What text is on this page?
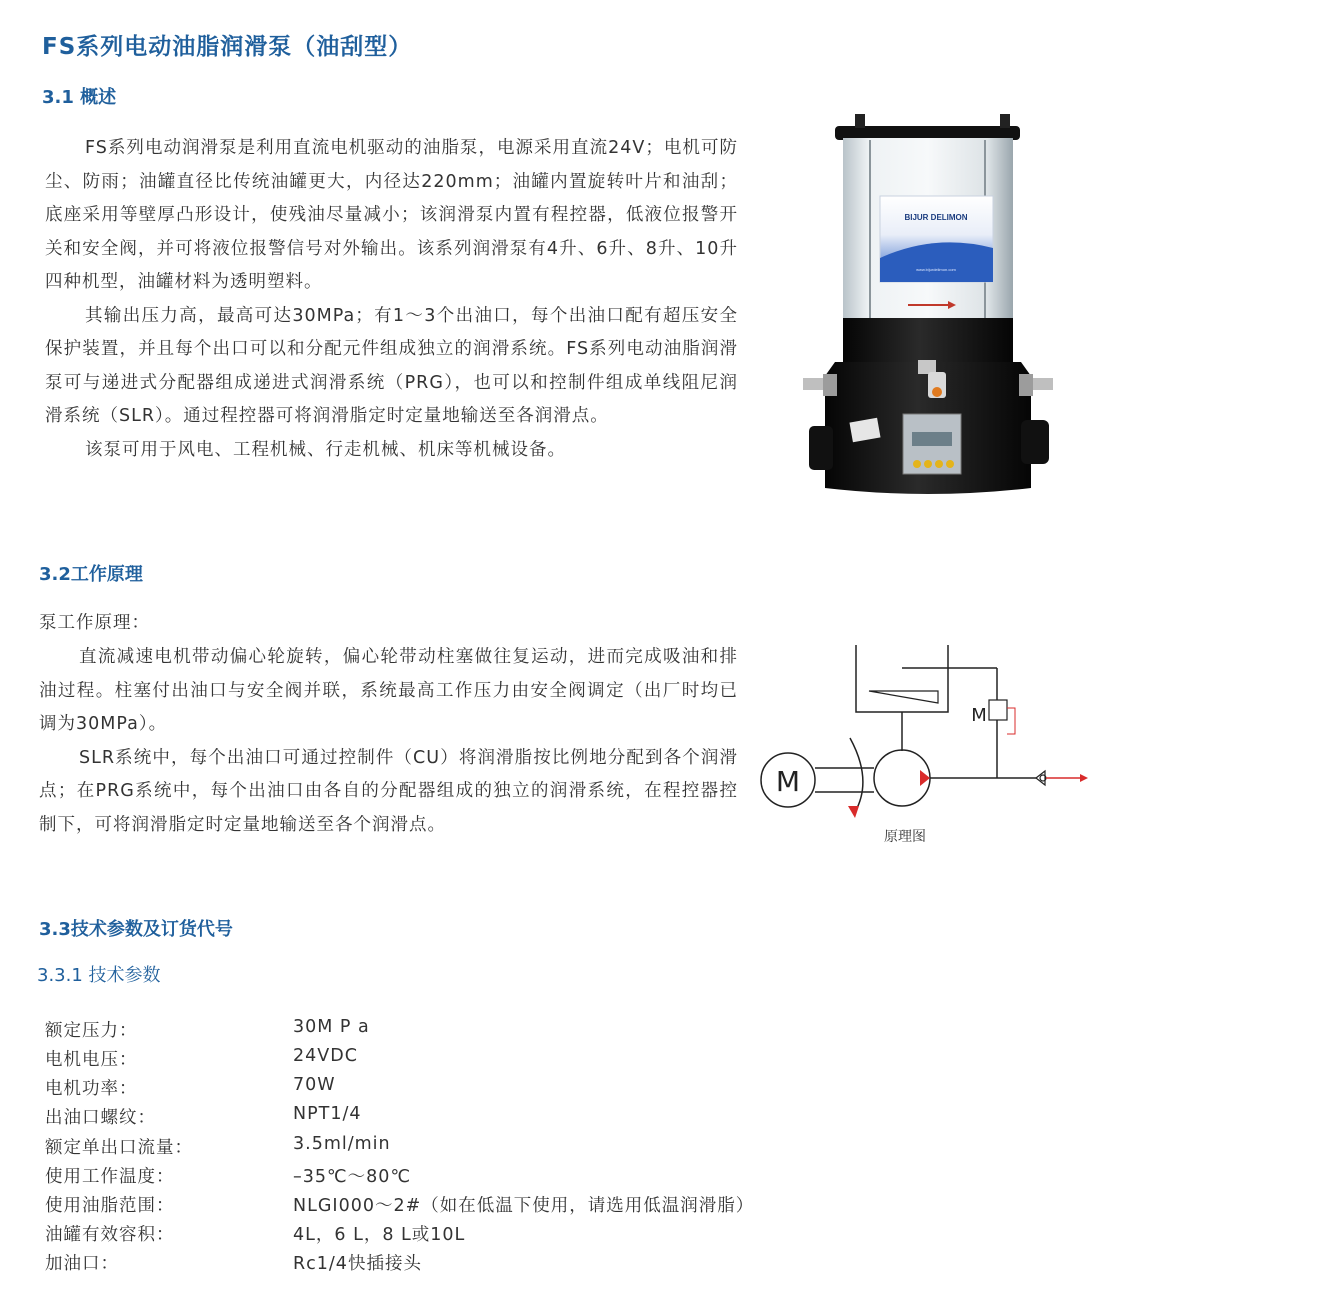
FS系列电动油脂润滑泵（油刮型）
3.1 概述

FS系列电动润滑泵是利用直流电机驱动的油脂泵，电源采用直流24V；电机可防尘、防雨；油罐直径比传统油罐更大，内径达220mm；油罐内置旋转叶片和油刮；底座采用等壁厚凸形设计，使残油尽量减小；该润滑泵内置有程控器，低液位报警开关和安全阀，并可将液位报警信号对外输出。该系列润滑泵有4升、6升、8升、10升四种机型，油罐材料为透明塑料。

其输出压力高，最高可达30MPa；有1～3个出油口，每个出油口配有超压安全保护装置，并且每个出口可以和分配元件组成独立的润滑系统。FS系列电动油脂润滑泵可与递进式分配器组成递进式润滑系统（PRG），也可以和控制件组成单线阻尼润滑系统（SLR）。通过程控器可将润滑脂定时定量地输送至各润滑点。

该泵可用于风电、工程机械、行走机械、机床等机械设备。

BIJUR DELIMON
www.bijurdelimon.com
3.2工作原理
泵工作原理：

直流减速电机带动偏心轮旋转，偏心轮带动柱塞做往复运动，进而完成吸油和排油过程。柱塞付出油口与安全阀并联，系统最高工作压力由安全阀调定（出厂时均已调为30MPa）。

SLR系统中，每个出油口可通过控制件（CU）将润滑脂按比例地分配到各个润滑点；在PRG系统中，每个出油口由各自的分配器组成的独立的润滑系统，在程控器控制下，可将润滑脂定时定量地输送至各个润滑点。

M
M
原理图
3.3技术参数及订货代号
3.3.1 技术参数
额定压力：	30M P a
电机电压：	24VDC
电机功率：	70W
出油口螺纹：	NPT1/4
额定单出口流量：	3.5ml/min
使用工作温度：	–35℃～80℃
使用油脂范围：	NLGI000～2#（如在低温下使用，请选用低温润滑脂）
油罐有效容积：	4L，6 L，8 L或10L
加油口：	Rc1/4快插接头
